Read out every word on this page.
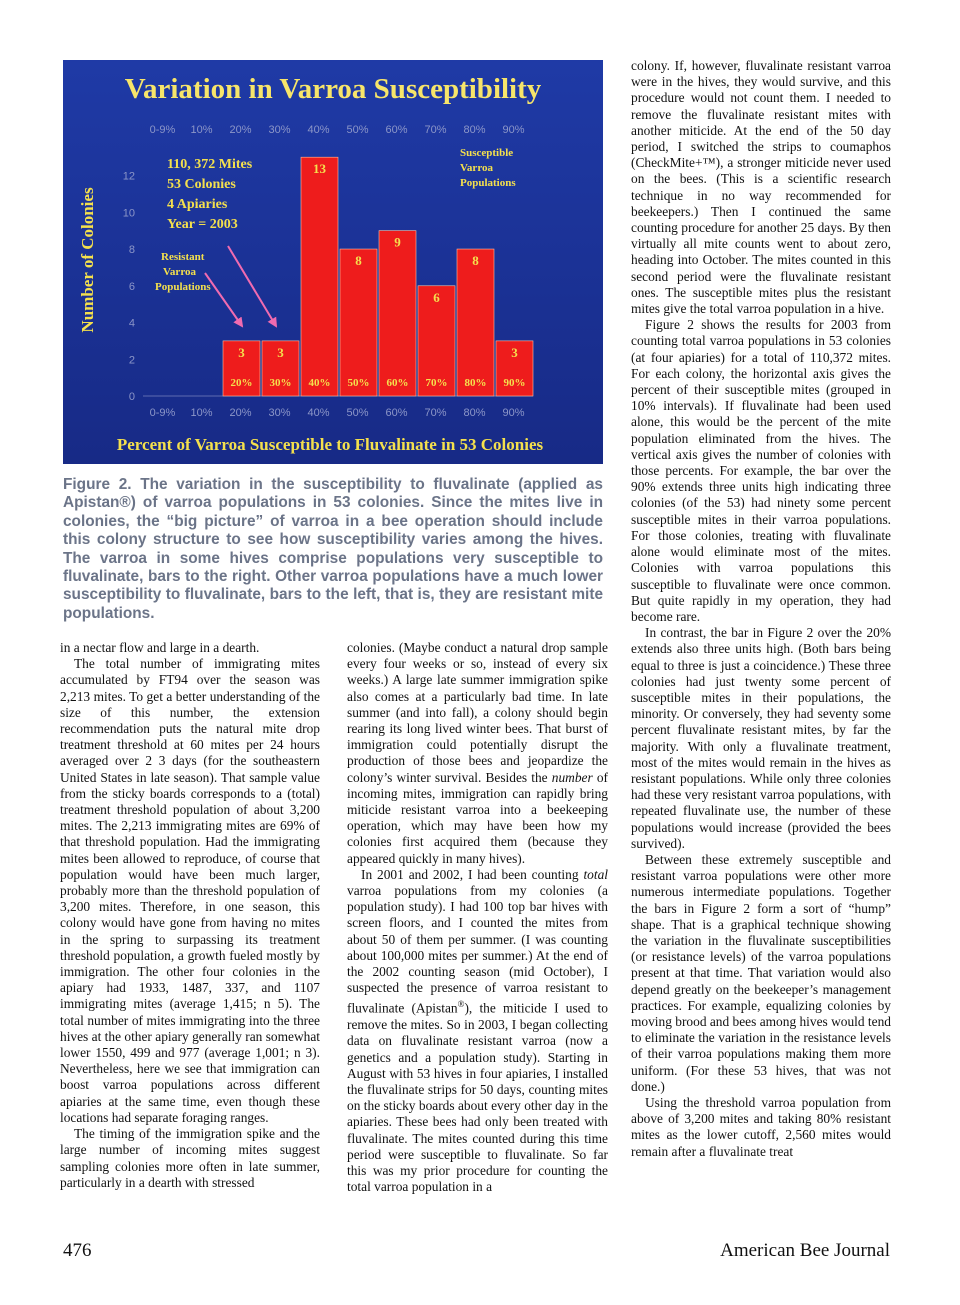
Variation in Varroa Susceptibility
Number of Colonies
Percent of Varroa Susceptible to Fluvalinate in 53 Colonies
0-9% 10% 20% 30% 40% 50% 60% 70% 80% 90%
0-9% 10% 20% 30% 40% 50% 60% 70% 80% 90%
0
2
4
6
8
10
12
3
20%
3
30%
13
40%
8
50%
9
60%
6
70%
8
80%
3
90%
110, 372 Mites
53 Colonies
4 Apiaries
Year = 2003
Resistant
Varroa
Populations
Susceptible
Varroa
Populations
Figure 2. The variation in the susceptibility to fluvalinate (applied as Apistan®) of varroa populations in 53 colonies. Since the mites live in colonies, the “big picture” of varroa in a bee operation should include this colony structure to see how susceptibility varies among the hives. The varroa in some hives comprise populations very susceptible to fluvalinate, bars to the right. Other varroa populations have a much lower susceptibility to fluvalinate, bars to the left, that is, they are resistant mite populations.

in a nectar flow and large in a dearth.

The total number of immigrating mites accumulated by FT94 over the season was 2,213 mites. To get a better understanding of the size of this number, the extension recommendation puts the natural mite drop treatment threshold at 60 mites per 24 hours averaged over 2 3 days (for the southeastern United States in late season). That sample value from the sticky boards corresponds to a (total) treatment threshold population of about 3,200 mites. The 2,213 immigrating mites are 69% of that threshold population. Had the immigrating mites been allowed to reproduce, of course that population would have been much larger, probably more than the threshold population of 3,200 mites. Therefore, in one season, this colony would have gone from having no mites in the spring to surpassing its treatment threshold population, a growth fueled mostly by immigration. The other four colonies in the apiary had 1933, 1487, 337, and 1107 immigrating mites (average 1,415; n 5). The total number of mites immigrating into the three hives at the other apiary generally ran somewhat lower 1550, 499 and 977 (average 1,001; n 3). Nevertheless, here we see that immigration can boost varroa populations across different apiaries at the same time, even though these locations had separate foraging ranges.

The timing of the immigration spike and the large number of incoming mites suggest sampling colonies more often in late summer, particularly in a dearth with stressed

colonies. (Maybe conduct a natural drop sample every four weeks or so, instead of every six weeks.) A large late summer immigration spike also comes at a particularly bad time. In late summer (and into fall), a colony should begin rearing its long lived winter bees. That burst of immigration could potentially disrupt the production of those bees and jeopardize the colony’s winter survival. Besides the number of incoming mites, immigration can rapidly bring miticide resistant varroa into a beekeeping operation, which may have been how my colonies first acquired them (because they appeared quickly in many hives).

In 2001 and 2002, I had been counting total varroa populations from my colonies (a population study). I had 100 top bar hives with screen floors, and I counted the mites from about 50 of them per summer. (I was counting about 100,000 mites per summer.) At the end of the 2002 counting season (mid October), I suspected the presence of varroa resistant to fluvalinate (Apistan®), the miticide I used to remove the mites. So in 2003, I began collecting data on fluvalinate resistant varroa (now a genetics and a population study). Starting in August with 53 hives in four apiaries, I installed the fluvalinate strips for 50 days, counting mites on the sticky boards about every other day in the apiaries. These bees had only been treated with fluvalinate. The mites counted during this time period were susceptible to fluvalinate. So far this was my prior procedure for counting the total varroa population in a

colony. If, however, fluvalinate resistant varroa were in the hives, they would survive, and this procedure would not count them. I needed to remove the fluvalinate resistant mites with another miticide. At the end of the 50 day period, I switched the strips to coumaphos (CheckMite+™), a stronger miticide never used on the bees. (This is a scientific research technique in no way recommended for beekeepers.) Then I continued the same counting procedure for another 25 days. By then virtually all mite counts went to about zero, heading into October. The mites counted in this second period were the fluvalinate resistant ones. The susceptible mites plus the resistant mites give the total varroa population in a hive.

Figure 2 shows the results for 2003 from counting total varroa populations in 53 colonies (at four apiaries) for a total of 110,372 mites. For each colony, the horizontal axis gives the percent of their susceptible mites (grouped in 10% intervals). If fluvalinate had been used alone, this would be the percent of the mite population eliminated from the hives. The vertical axis gives the number of colonies with those percents. For example, the bar over the 90% extends three units high indicating three colonies (of the 53) had ninety some percent susceptible mites in their varroa populations. For those colonies, treating with fluvalinate alone would eliminate most of the mites. Colonies with varroa populations this susceptible to fluvalinate were once common. But quite rapidly in my operation, they had become rare.

In contrast, the bar in Figure 2 over the 20% extends also three units high. (Both bars being equal to three is just a coincidence.) These three colonies had just twenty some percent of susceptible mites in their populations, the minority. Or conversely, they had seventy some percent fluvalinate resistant mites, by far the majority. With only a fluvalinate treatment, most of the mites would remain in the hives as resistant populations. While only three colonies had these very resistant varroa populations, with repeated fluvalinate use, the number of these populations would increase (provided the bees survived).

Between these extremely susceptible and resistant varroa populations were other more numerous intermediate populations. Together the bars in Figure 2 form a sort of “hump” shape. That is a graphical technique showing the variation in the fluvalinate susceptibilities (or resistance levels) of the varroa populations present at that time. That variation would also depend greatly on the beekeeper’s management practices. For example, equalizing colonies by moving brood and bees among hives would tend to eliminate the variation in the resistance levels of their varroa populations making them more uniform. (For these 53 hives, that was not done.)

Using the threshold varroa population from above of 3,200 mites and taking 80% resistant mites as the lower cutoff, 2,560 mites would remain after a fluvalinate treat

476	American Bee Journal
